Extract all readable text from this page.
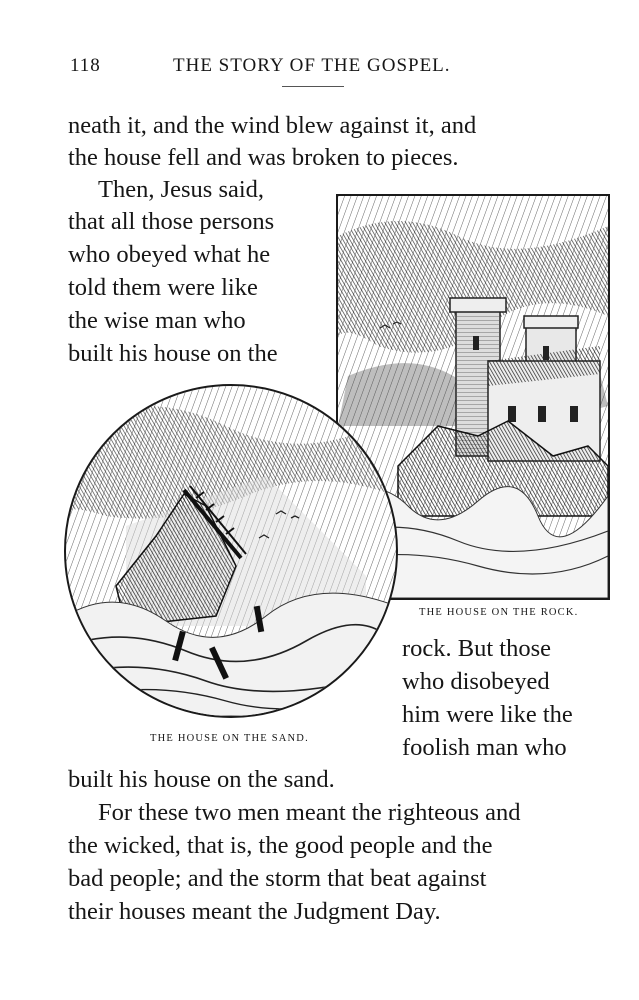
118	THE STORY OF THE GOSPEL.
neath it, and the wind blew against it, and
the house fell and was broken to pieces.
Then, Jesus said,
that all those persons
who obeyed what he
told them were like
the wise man who
built his house on the
THE HOUSE ON THE ROCK.
THE HOUSE ON THE SAND.
rock. But those
who disobeyed
him were like the
foolish man who
built his house on the sand.
For these two men meant the righteous and
the wicked, that is, the good people and the
bad people; and the storm that beat against
their houses meant the Judgment Day.
